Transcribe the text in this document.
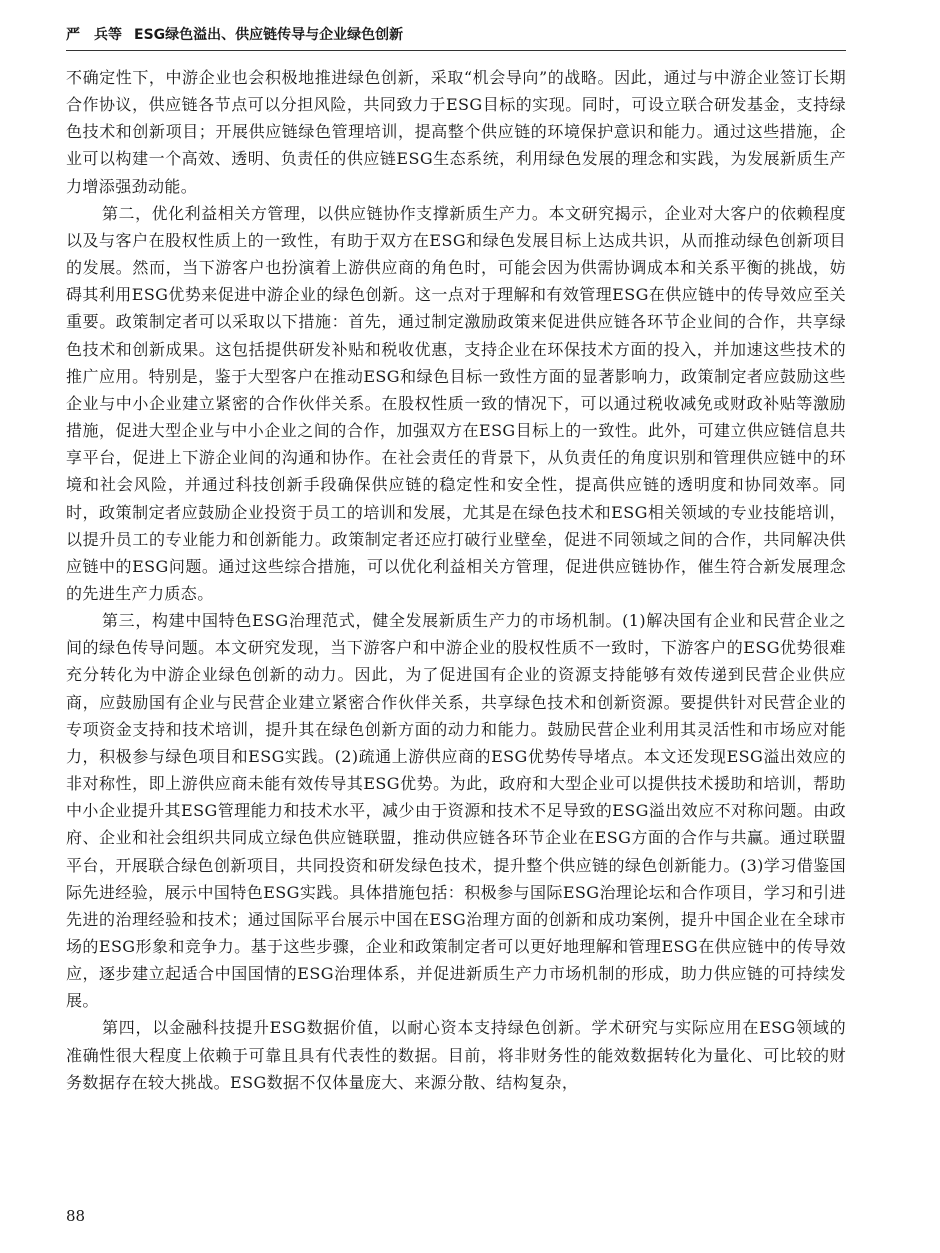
严　兵等 ESG绿色溢出、供应链传导与企业绿色创新

不确定性下，中游企业也会积极地推进绿色创新，采取“机会导向”的战略。因此，通过与中游企业签订长期合作协议，供应链各节点可以分担风险，共同致力于ESG目标的实现。同时，可设立联合研发基金，支持绿色技术和创新项目；开展供应链绿色管理培训，提高整个供应链的环境保护意识和能力。通过这些措施，企业可以构建一个高效、透明、负责任的供应链ESG生态系统，利用绿色发展的理念和实践，为发展新质生产力增添强劲动能。

第二，优化利益相关方管理，以供应链协作支撑新质生产力。本文研究揭示，企业对大客户的依赖程度以及与客户在股权性质上的一致性，有助于双方在ESG和绿色发展目标上达成共识，从而推动绿色创新项目的发展。然而，当下游客户也扮演着上游供应商的角色时，可能会因为供需协调成本和关系平衡的挑战，妨碍其利用ESG优势来促进中游企业的绿色创新。这一点对于理解和有效管理ESG在供应链中的传导效应至关重要。政策制定者可以采取以下措施：首先，通过制定激励政策来促进供应链各环节企业间的合作，共享绿色技术和创新成果。这包括提供研发补贴和税收优惠，支持企业在环保技术方面的投入，并加速这些技术的推广应用。特别是，鉴于大型客户在推动ESG和绿色目标一致性方面的显著影响力，政策制定者应鼓励这些企业与中小企业建立紧密的合作伙伴关系。在股权性质一致的情况下，可以通过税收减免或财政补贴等激励措施，促进大型企业与中小企业之间的合作，加强双方在ESG目标上的一致性。此外，可建立供应链信息共享平台，促进上下游企业间的沟通和协作。在社会责任的背景下，从负责任的角度识别和管理供应链中的环境和社会风险，并通过科技创新手段确保供应链的稳定性和安全性，提高供应链的透明度和协同效率。同时，政策制定者应鼓励企业投资于员工的培训和发展，尤其是在绿色技术和ESG相关领域的专业技能培训，以提升员工的专业能力和创新能力。政策制定者还应打破行业壁垒，促进不同领域之间的合作，共同解决供应链中的ESG问题。通过这些综合措施，可以优化利益相关方管理，促进供应链协作，催生符合新发展理念的先进生产力质态。

第三，构建中国特色ESG治理范式，健全发展新质生产力的市场机制。(1)解决国有企业和民营企业之间的绿色传导问题。本文研究发现，当下游客户和中游企业的股权性质不一致时，下游客户的ESG优势很难充分转化为中游企业绿色创新的动力。因此，为了促进国有企业的资源支持能够有效传递到民营企业供应商，应鼓励国有企业与民营企业建立紧密合作伙伴关系，共享绿色技术和创新资源。要提供针对民营企业的专项资金支持和技术培训，提升其在绿色创新方面的动力和能力。鼓励民营企业利用其灵活性和市场应对能力，积极参与绿色项目和ESG实践。(2)疏通上游供应商的ESG优势传导堵点。本文还发现ESG溢出效应的非对称性，即上游供应商未能有效传导其ESG优势。为此，政府和大型企业可以提供技术援助和培训，帮助中小企业提升其ESG管理能力和技术水平，减少由于资源和技术不足导致的ESG溢出效应不对称问题。由政府、企业和社会组织共同成立绿色供应链联盟，推动供应链各环节企业在ESG方面的合作与共赢。通过联盟平台，开展联合绿色创新项目，共同投资和研发绿色技术，提升整个供应链的绿色创新能力。(3)学习借鉴国际先进经验，展示中国特色ESG实践。具体措施包括：积极参与国际ESG治理论坛和合作项目，学习和引进先进的治理经验和技术；通过国际平台展示中国在ESG治理方面的创新和成功案例，提升中国企业在全球市场的ESG形象和竞争力。基于这些步骤，企业和政策制定者可以更好地理解和管理ESG在供应链中的传导效应，逐步建立起适合中国国情的ESG治理体系，并促进新质生产力市场机制的形成，助力供应链的可持续发展。

第四，以金融科技提升ESG数据价值，以耐心资本支持绿色创新。学术研究与实际应用在ESG领域的准确性很大程度上依赖于可靠且具有代表性的数据。目前，将非财务性的能效数据转化为量化、可比较的财务数据存在较大挑战。ESG数据不仅体量庞大、来源分散、结构复杂，

88
